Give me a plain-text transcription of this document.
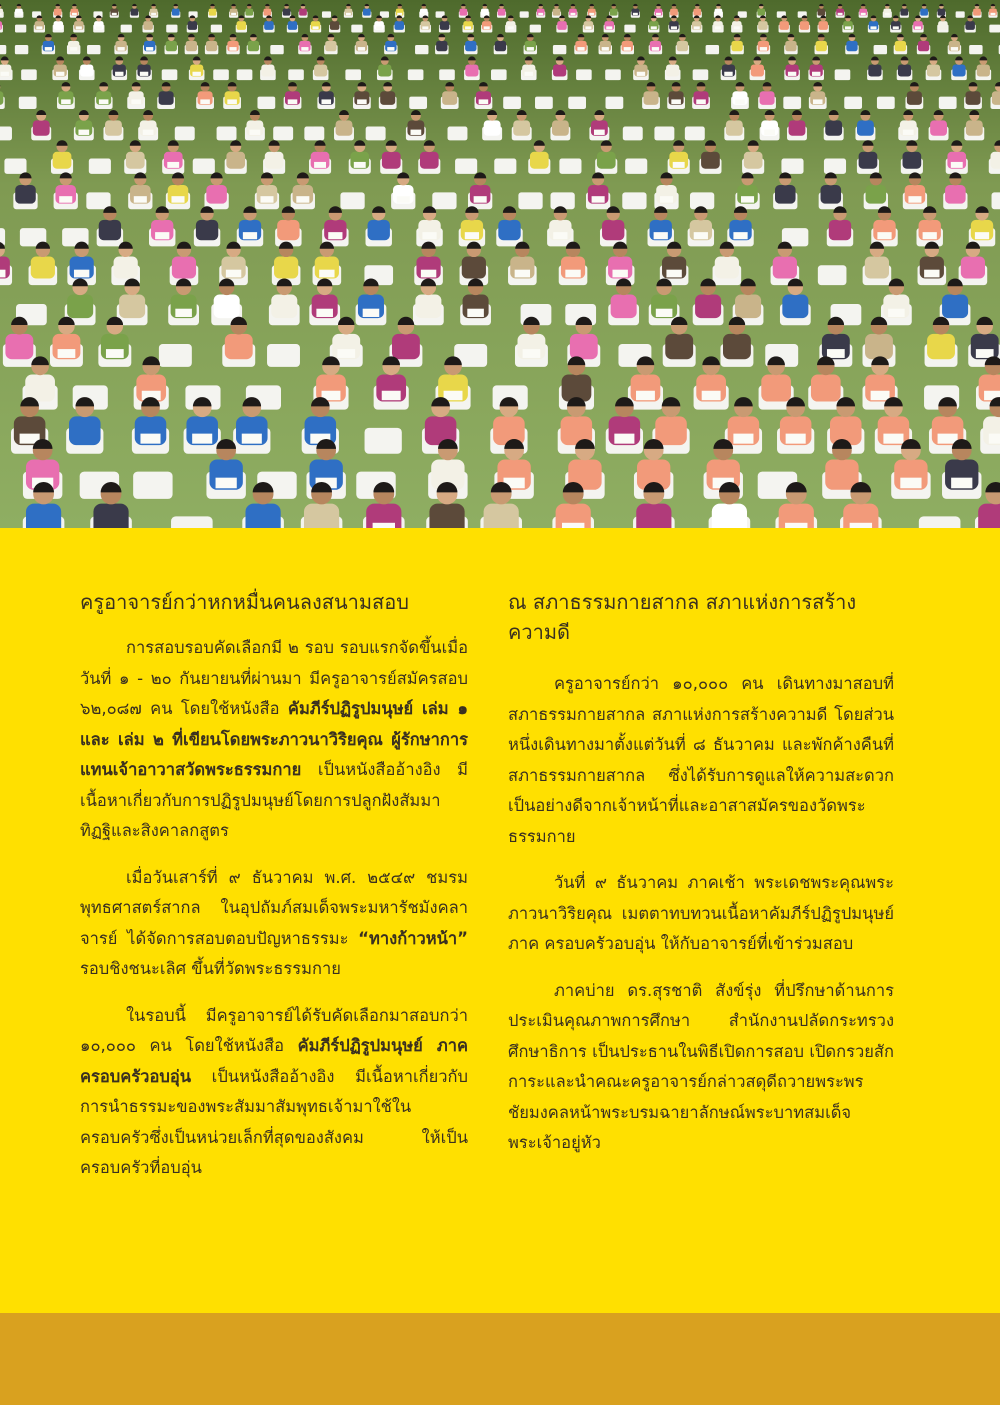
ครูอาจารย์กว่าหกหมื่นคนลงสนามสอบ

การสอบรอบคัดเลือกมี ๒ รอบ รอบแรกจัดขึ้นเมื่อวันที่ ๑ - ๒๐ กันยายนที่ผ่านมา มีครูอาจารย์สมัครสอบ ๖๒,๐๘๗ คน โดยใช้หนังสือ คัมภีร์ปฏิรูปมนุษย์ เล่ม ๑ และ เล่ม ๒ ที่เขียนโดยพระภาวนาวิริยคุณ ผู้รักษาการแทนเจ้าอาวาสวัดพระธรรมกาย เป็นหนังสืออ้างอิง มีเนื้อหาเกี่ยวกับการปฏิรูปมนุษย์โดยการปลูกฝังสัมมาทิฏฐิและสิงคาลกสูตร

เมื่อวันเสาร์ที่ ๙ ธันวาคม พ.ศ. ๒๕๔๙ ชมรมพุทธศาสตร์สากล ในอุปถัมภ์สมเด็จพระมหารัชมังคลาจารย์ ได้จัดการสอบตอบปัญหาธรรมะ “ทางก้าวหน้า” รอบชิงชนะเลิศ ขึ้นที่วัดพระธรรมกาย

ในรอบนี้ มีครูอาจารย์ได้รับคัดเลือกมาสอบกว่า ๑๐,๐๐๐ คน โดยใช้หนังสือ คัมภีร์ปฏิรูปมนุษย์ ภาค ครอบครัวอบอุ่น เป็นหนังสืออ้างอิง มีเนื้อหาเกี่ยวกับการนำธรรมะของพระสัมมาสัมพุทธเจ้ามาใช้ในครอบครัวซึ่งเป็นหน่วยเล็กที่สุดของสังคม ให้เป็นครอบครัวที่อบอุ่น

ณ สภาธรรมกายสากล สภาแห่งการสร้างความดี

ครูอาจารย์กว่า ๑๐,๐๐๐ คน เดินทางมาสอบที่สภาธรรมกายสากล สภาแห่งการสร้างความดี โดยส่วนหนึ่งเดินทางมาตั้งแต่วันที่ ๘ ธันวาคม และพักค้างคืนที่สภาธรรมกายสากล ซึ่งได้รับการดูแลให้ความสะดวกเป็นอย่างดีจากเจ้าหน้าที่และอาสาสมัครของวัดพระธรรมกาย

วันที่ ๙ ธันวาคม ภาคเช้า พระเดชพระคุณพระภาวนาวิริยคุณ เมตตาทบทวนเนื้อหาคัมภีร์ปฏิรูปมนุษย์ ภาค ครอบครัวอบอุ่น ให้กับอาจารย์ที่เข้าร่วมสอบ

ภาคบ่าย ดร.สุรชาติ สังข์รุ่ง ที่ปรึกษาด้านการประเมินคุณภาพการศึกษา สำนักงานปลัดกระทรวงศึกษาธิการ เป็นประธานในพิธีเปิดการสอบ เปิดกรวยสักการะและนำคณะครูอาจารย์กล่าวสดุดีถวายพระพรชัยมงคลหน้าพระบรมฉายาลักษณ์พระบาทสมเด็จพระเจ้าอยู่หัว
